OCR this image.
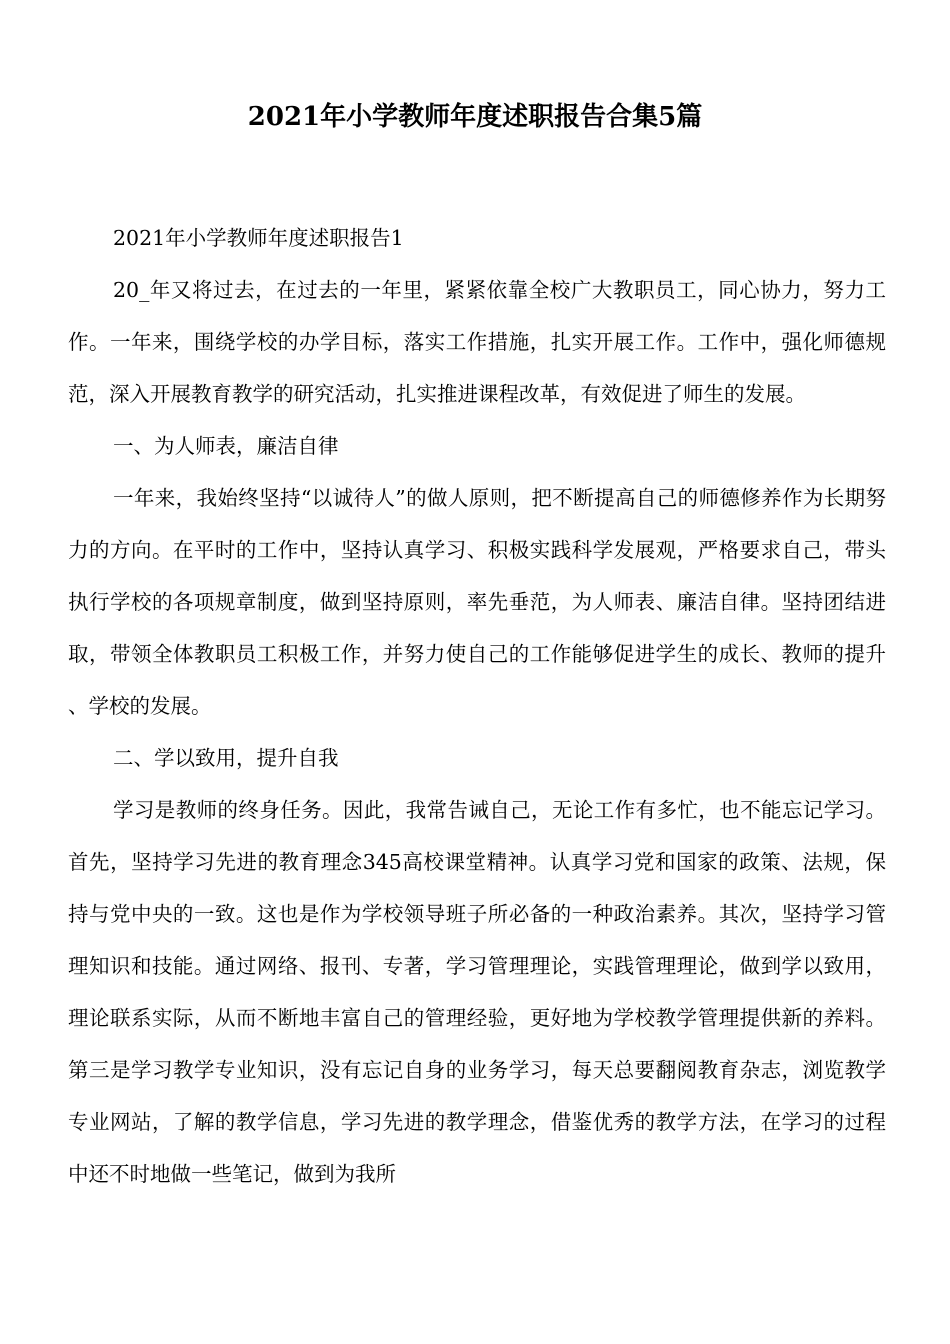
2021年小学教师年度述职报告合集5篇

2021年小学教师年度述职报告1

20_年又将过去，在过去的一年里，紧紧依靠全校广大教职员工，同心协力，努力工作。一年来，围绕学校的办学目标，落实工作措施，扎实开展工作。工作中，强化师德规范，深入开展教育教学的研究活动，扎实推进课程改革，有效促进了师生的发展。

一、为人师表，廉洁自律

一年来，我始终坚持“以诚待人”的做人原则，把不断提高自己的师德修养作为长期努力的方向。在平时的工作中，坚持认真学习、积极实践科学发展观，严格要求自己，带头执行学校的各项规章制度，做到坚持原则，率先垂范，为人师表、廉洁自律。坚持团结进取，带领全体教职员工积极工作，并努力使自己的工作能够促进学生的成长、教师的提升、学校的发展。

二、学以致用，提升自我

学习是教师的终身任务。因此，我常告诫自己，无论工作有多忙，也不能忘记学习。首先，坚持学习先进的教育理念345高校课堂精神。认真学习党和国家的政策、法规，保持与党中央的一致。这也是作为学校领导班子所必备的一种政治素养。其次，坚持学习管理知识和技能。通过网络、报刊、专著，学习管理理论，实践管理理论，做到学以致用，理论联系实际，从而不断地丰富自己的管理经验，更好地为学校教学管理提供新的养料。第三是学习教学专业知识，没有忘记自身的业务学习，每天总要翻阅教育杂志，浏览教学专业网站，了解的教学信息，学习先进的教学理念，借鉴优秀的教学方法，在学习的过程中还不时地做一些笔记，做到为我所
